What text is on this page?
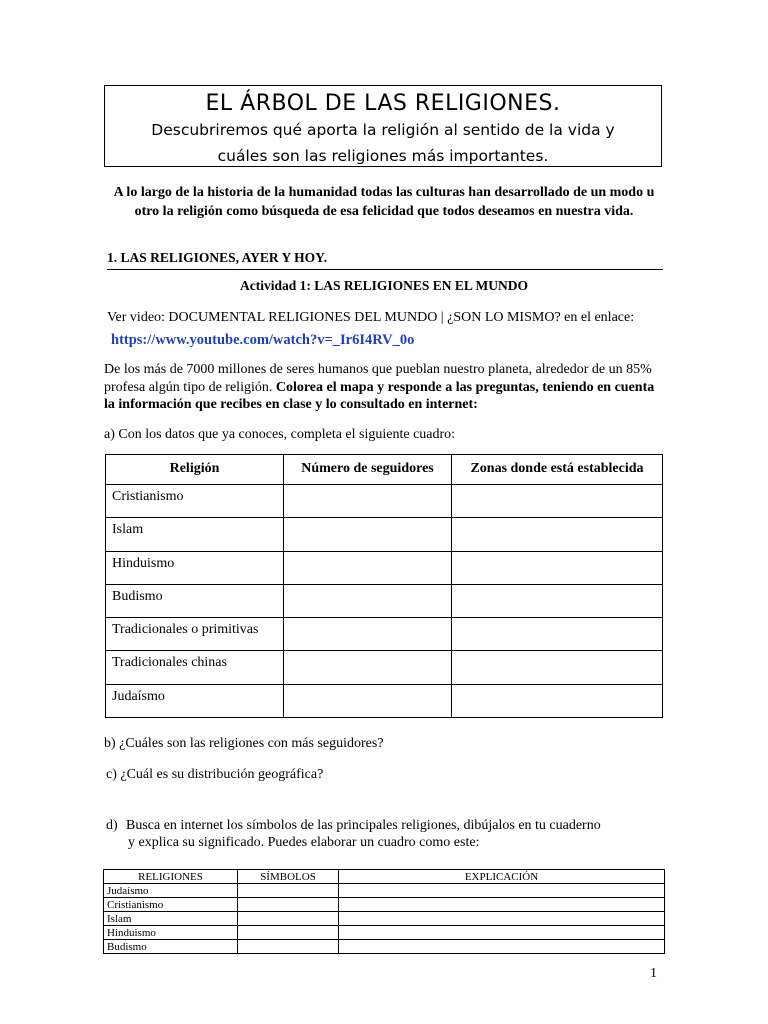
EL ÁRBOL DE LAS RELIGIONES.
Descubriremos qué aporta la religión al sentido de la vida y
cuáles son las religiones más importantes.
A lo largo de la historia de la humanidad todas las culturas han desarrollado de un modo u otro la religión como búsqueda de esa felicidad que todos deseamos en nuestra vida.
1. LAS RELIGIONES, AYER Y HOY.
Actividad 1: LAS RELIGIONES EN EL MUNDO
Ver video: DOCUMENTAL RELIGIONES DEL MUNDO | ¿SON LO MISMO? en el enlace:
https://www.youtube.com/watch?v=_Ir6I4RV_0o
De los más de 7000 millones de seres humanos que pueblan nuestro planeta, alrededor de un 85% profesa algún tipo de religión. Colorea el mapa y responde a las preguntas, teniendo en cuenta la información que recibes en clase y lo consultado en internet:
a) Con los datos que ya conoces, completa el siguiente cuadro:
Religión	Número de seguidores	Zonas donde está establecida
Cristianismo		
Islam		
Hinduismo		
Budismo		
Tradicionales o primitivas		
Tradicionales chinas		
Judaísmo		
b) ¿Cuáles son las religiones con más seguidores?
c) ¿Cuál es su distribución geográfica?
d) Busca en internet los símbolos de las principales religiones, dibújalos en tu cuaderno
y explica su significado. Puedes elaborar un cuadro como este:
RELIGIONES	SÍMBOLOS	EXPLICACIÓN
Judaísmo		
Cristianismo		
Islam		
Hinduismo		
Budismo		
1
